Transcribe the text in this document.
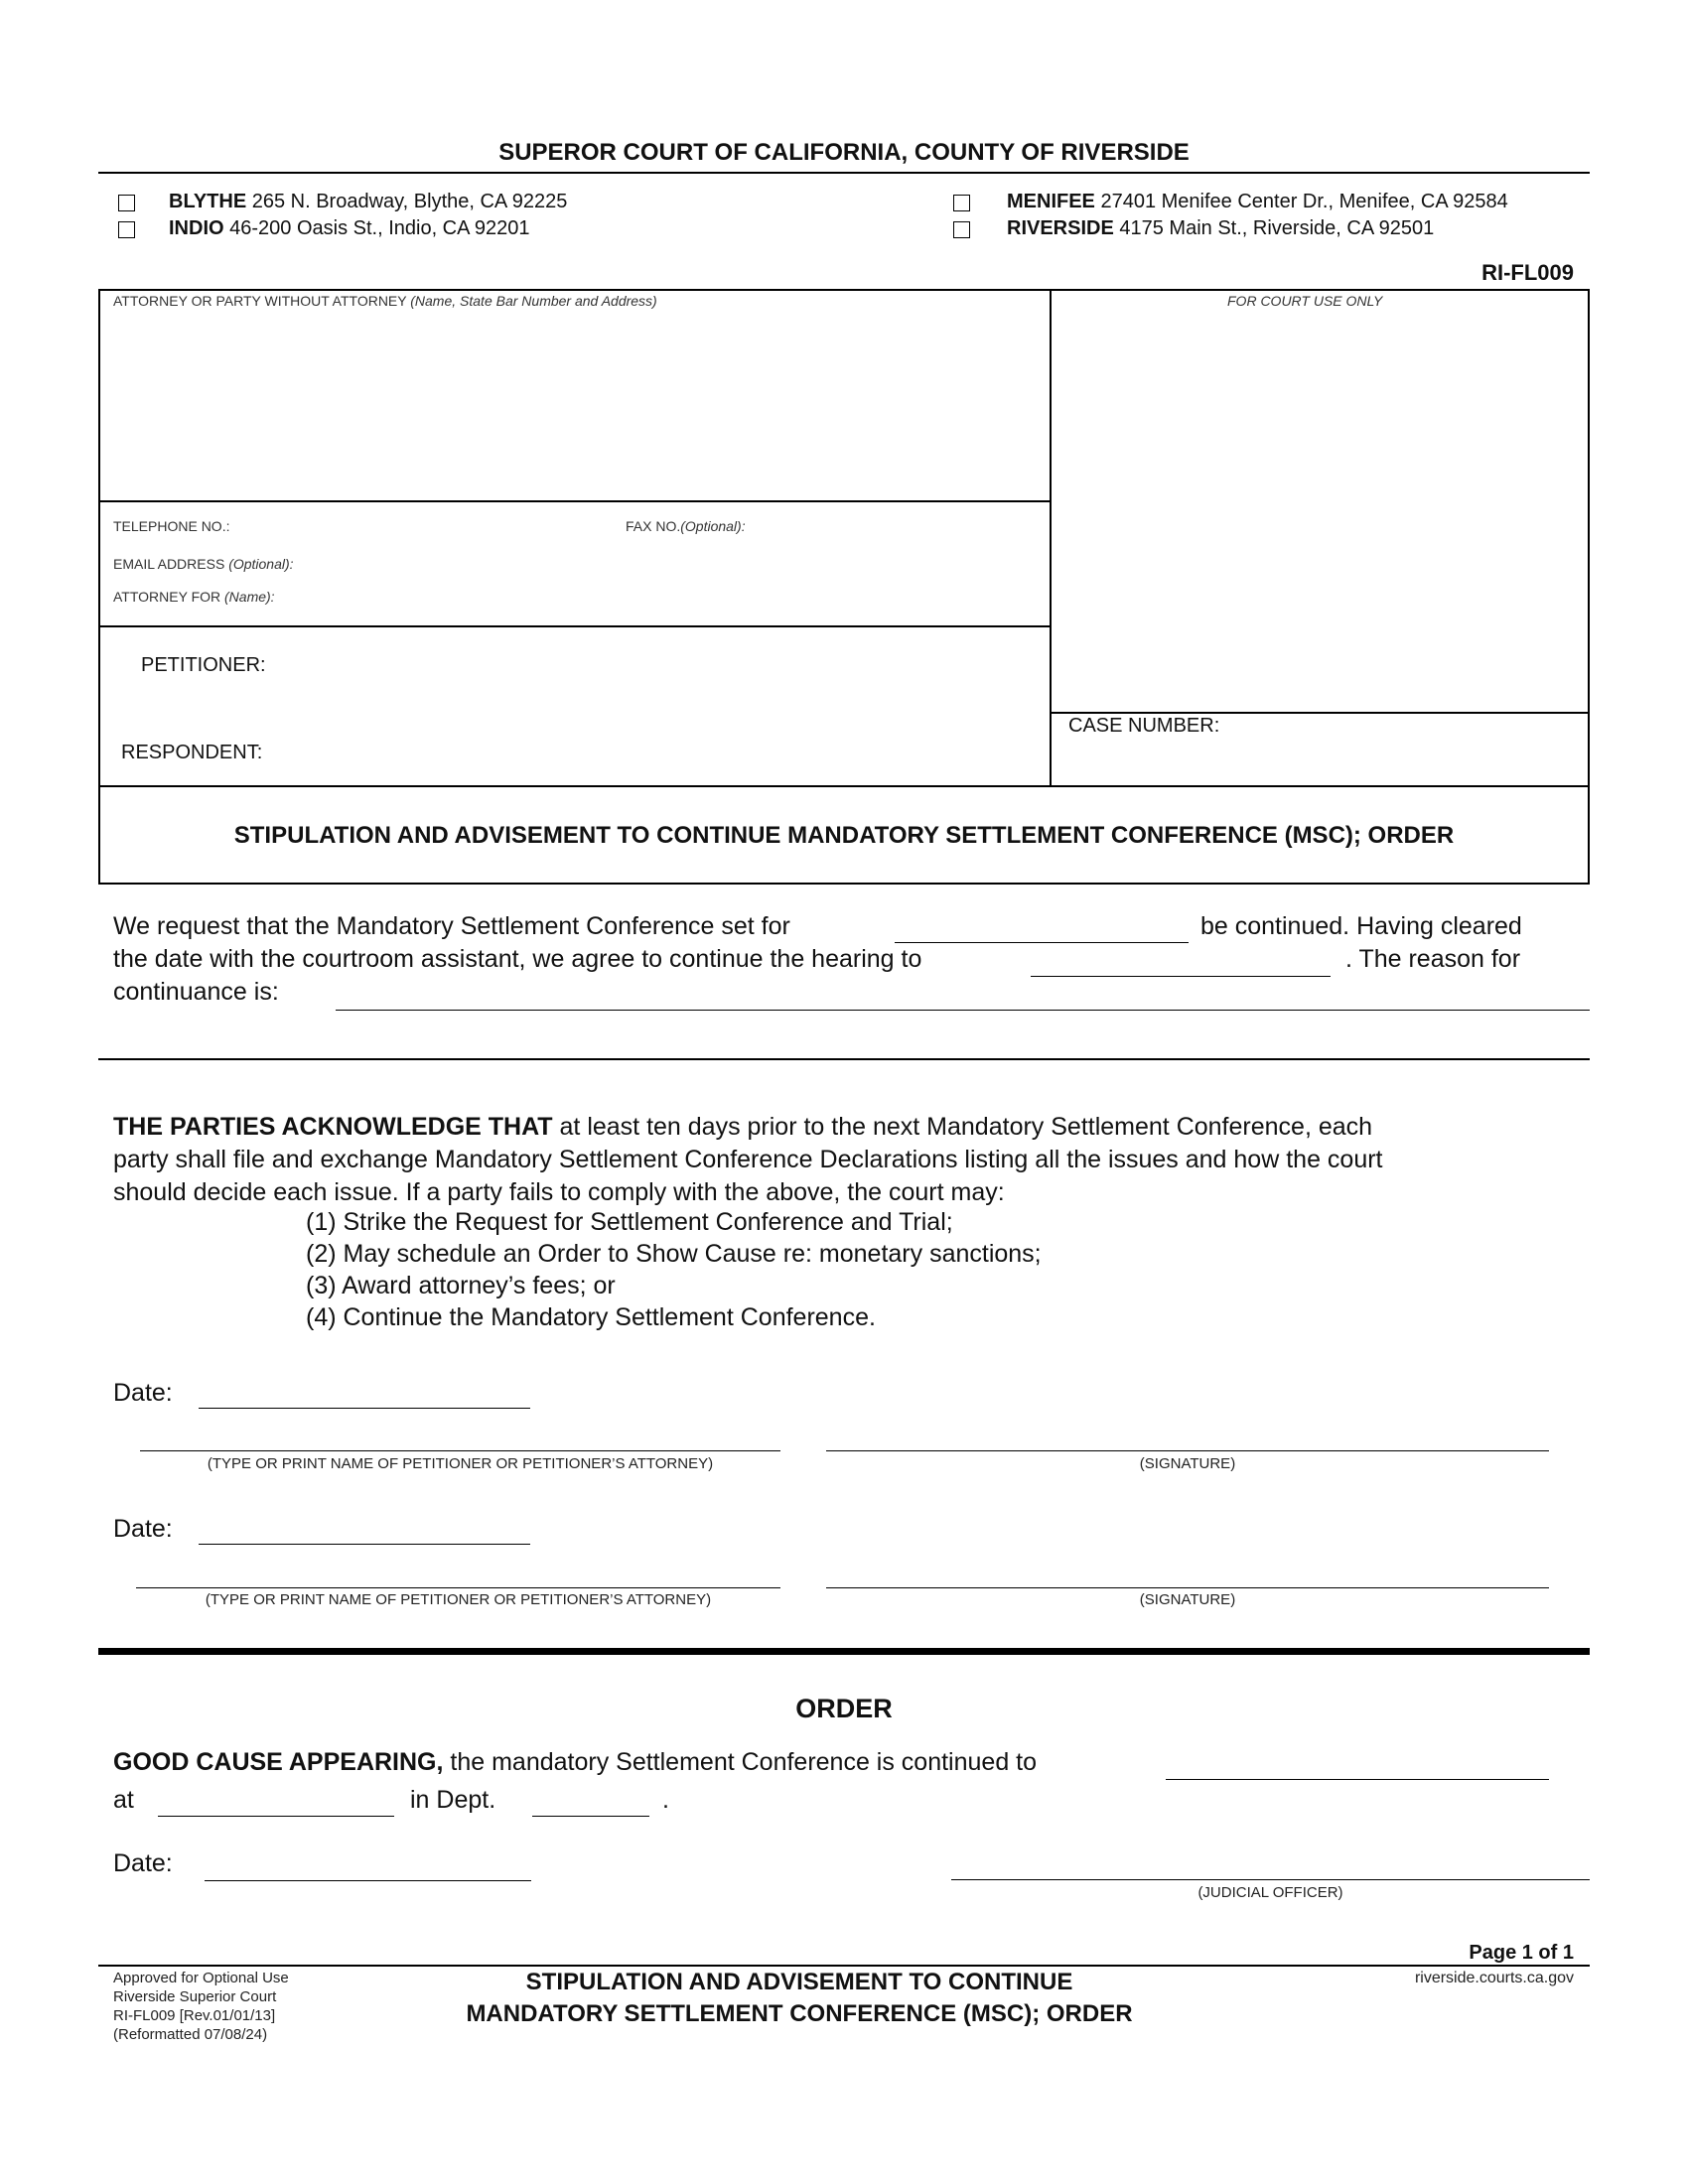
SUPEROR COURT OF CALIFORNIA, COUNTY OF RIVERSIDE
BLYTHE 265 N. Broadway, Blythe, CA 92225
INDIO 46-200 Oasis St., Indio, CA 92201
MENIFEE 27401 Menifee Center Dr., Menifee, CA 92584
RIVERSIDE 4175 Main St., Riverside, CA 92501
RI-FL009
ATTORNEY OR PARTY WITHOUT ATTORNEY (Name, State Bar Number and Address)	FOR COURT USE ONLY
TELEPHONE NO.:	FAX NO.(Optional):
EMAIL ADDRESS (Optional):
ATTORNEY FOR (Name):
PETITIONER:
RESPONDENT:
CASE NUMBER:
STIPULATION AND ADVISEMENT TO CONTINUE MANDATORY SETTLEMENT CONFERENCE (MSC); ORDER
We request that the Mandatory Settlement Conference set for	be continued. Having cleared
the date with the courtroom assistant, we agree to continue the hearing to	. The reason for
continuance is:
THE PARTIES ACKNOWLEDGE THAT at least ten days prior to the next Mandatory Settlement Conference, each
party shall file and exchange Mandatory Settlement Conference Declarations listing all the issues and how the court
should decide each issue. If a party fails to comply with the above, the court may:
(1) Strike the Request for Settlement Conference and Trial;
(2) May schedule an Order to Show Cause re: monetary sanctions;
(3) Award attorney’s fees; or
(4) Continue the Mandatory Settlement Conference.
Date:
(TYPE OR PRINT NAME OF PETITIONER OR PETITIONER’S ATTORNEY)	(SIGNATURE)
Date:
(TYPE OR PRINT NAME OF PETITIONER OR PETITIONER’S ATTORNEY)	(SIGNATURE)
ORDER
GOOD CAUSE APPEARING, the mandatory Settlement Conference is continued to
at	in Dept.	.
Date:
(JUDICIAL OFFICER)
Page 1 of 1
Approved for Optional Use
Riverside Superior Court
RI-FL009 [Rev.01/01/13]
(Reformatted 07/08/24)
STIPULATION AND ADVISEMENT TO CONTINUE
MANDATORY SETTLEMENT CONFERENCE (MSC); ORDER
riverside.courts.ca.gov
